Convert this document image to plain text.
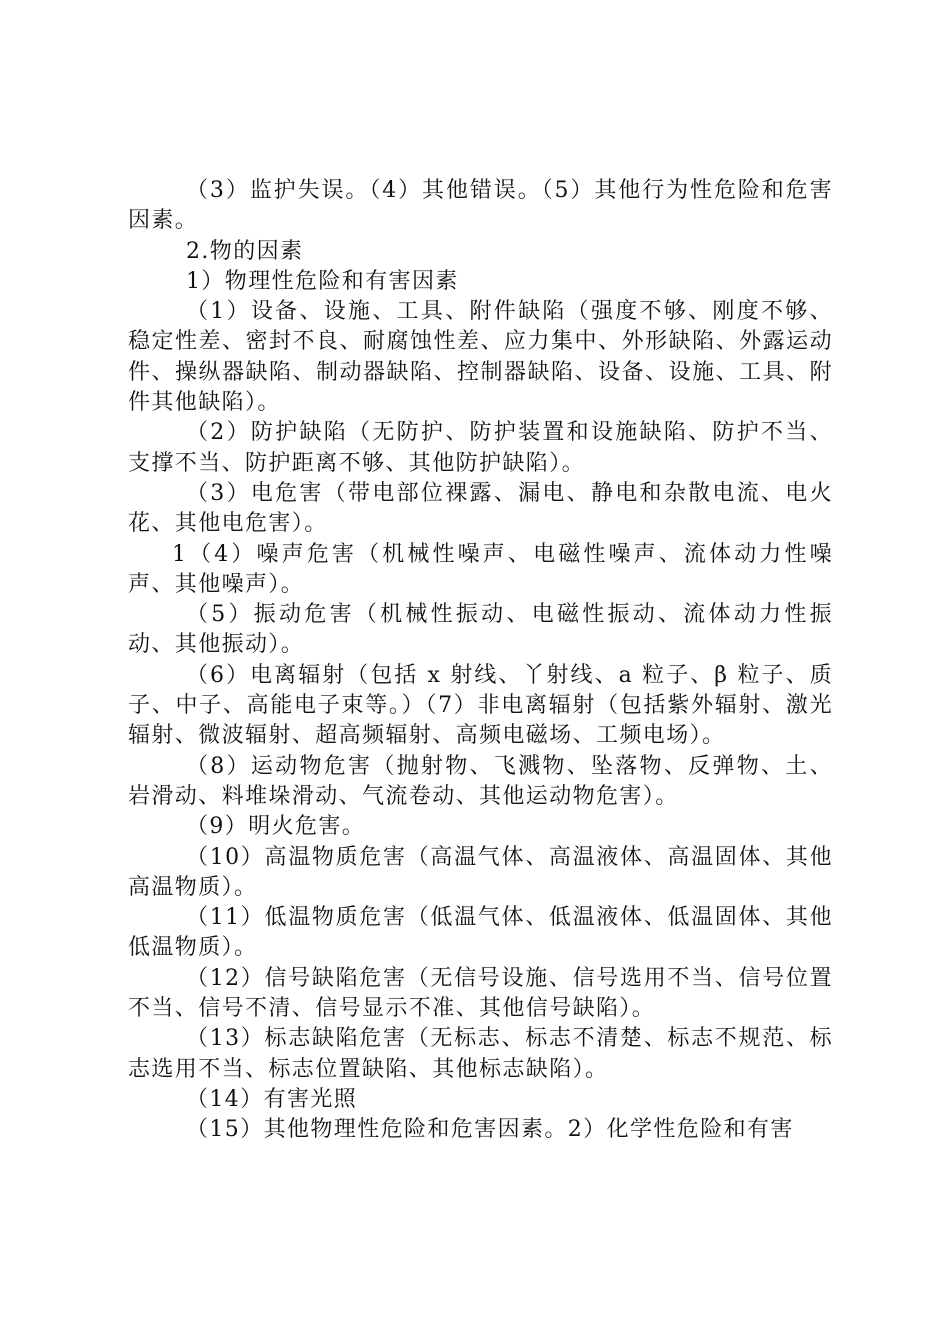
（3）监护失误。（4）其他错误。（5）其他行为性危险和危害因素。

2.物的因素

1）物理性危险和有害因素

（1）设备、设施、工具、附件缺陷（强度不够、刚度不够、稳定性差、密封不良、耐腐蚀性差、应力集中、外形缺陷、外露运动件、操纵器缺陷、制动器缺陷、控制器缺陷、设备、设施、工具、附件其他缺陷）。

（2）防护缺陷（无防护、防护装置和设施缺陷、防护不当、支撑不当、防护距离不够、其他防护缺陷）。

（3）电危害（带电部位裸露、漏电、静电和杂散电流、电火花、其他电危害）。

1（4）噪声危害（机械性噪声、电磁性噪声、流体动力性噪声、其他噪声）。

（5）振动危害（机械性振动、电磁性振动、流体动力性振动、其他振动）。

（6）电离辐射（包括 x 射线、丫射线、a 粒子、β 粒子、质子、中子、高能电子束等。）（7）非电离辐射（包括紫外辐射、激光辐射、微波辐射、超高频辐射、高频电磁场、工频电场）。

（8）运动物危害（抛射物、飞溅物、坠落物、反弹物、土、岩滑动、料堆垛滑动、气流卷动、其他运动物危害）。

（9）明火危害。

（10）高温物质危害（高温气体、高温液体、高温固体、其他高温物质）。

（11）低温物质危害（低温气体、低温液体、低温固体、其他低温物质）。

（12）信号缺陷危害（无信号设施、信号选用不当、信号位置不当、信号不清、信号显示不准、其他信号缺陷）。

（13）标志缺陷危害（无标志、标志不清楚、标志不规范、标志选用不当、标志位置缺陷、其他标志缺陷）。

（14）有害光照

（15）其他物理性危险和危害因素。2）化学性危险和有害
